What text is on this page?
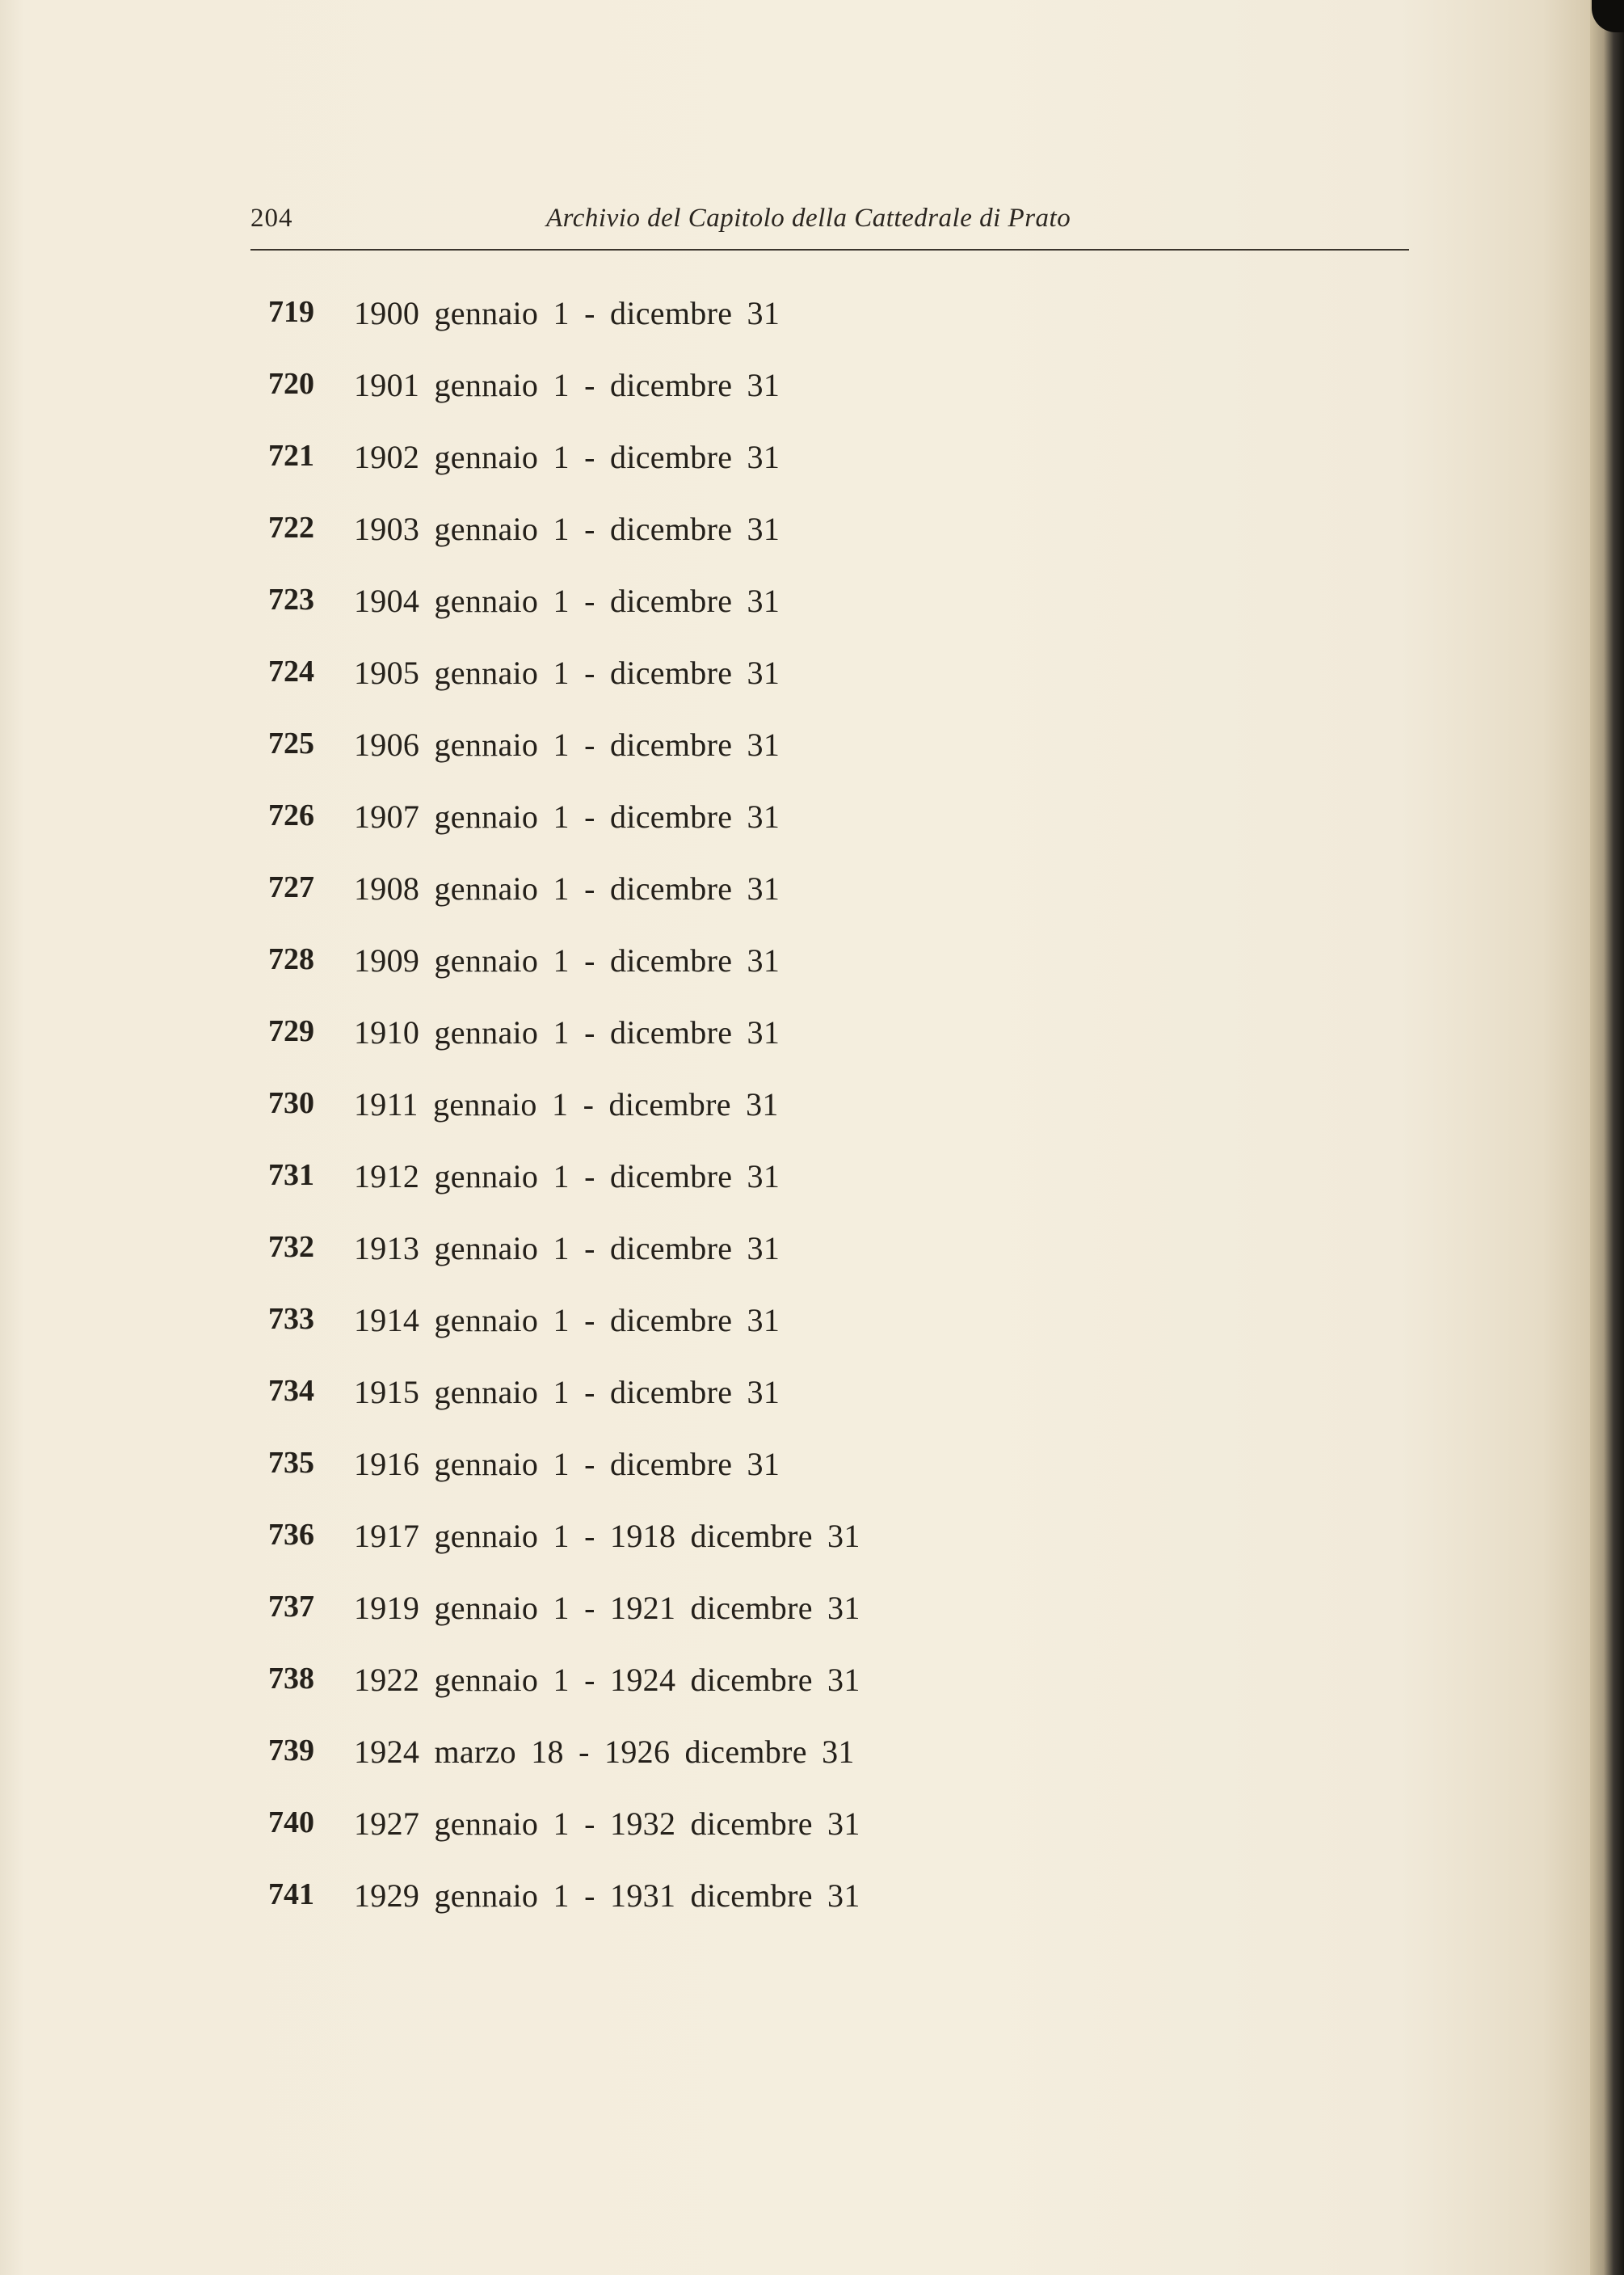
204	Archivio del Capitolo della Cattedrale di Prato
719	1900 gennaio 1 - dicembre 31
720	1901 gennaio 1 - dicembre 31
721	1902 gennaio 1 - dicembre 31
722	1903 gennaio 1 - dicembre 31
723	1904 gennaio 1 - dicembre 31
724	1905 gennaio 1 - dicembre 31
725	1906 gennaio 1 - dicembre 31
726	1907 gennaio 1 - dicembre 31
727	1908 gennaio 1 - dicembre 31
728	1909 gennaio 1 - dicembre 31
729	1910 gennaio 1 - dicembre 31
730	1911 gennaio 1 - dicembre 31
731	1912 gennaio 1 - dicembre 31
732	1913 gennaio 1 - dicembre 31
733	1914 gennaio 1 - dicembre 31
734	1915 gennaio 1 - dicembre 31
735	1916 gennaio 1 - dicembre 31
736	1917 gennaio 1 - 1918 dicembre 31
737	1919 gennaio 1 - 1921 dicembre 31
738	1922 gennaio 1 - 1924 dicembre 31
739	1924 marzo 18 - 1926 dicembre 31
740	1927 gennaio 1 - 1932 dicembre 31
741	1929 gennaio 1 - 1931 dicembre 31
